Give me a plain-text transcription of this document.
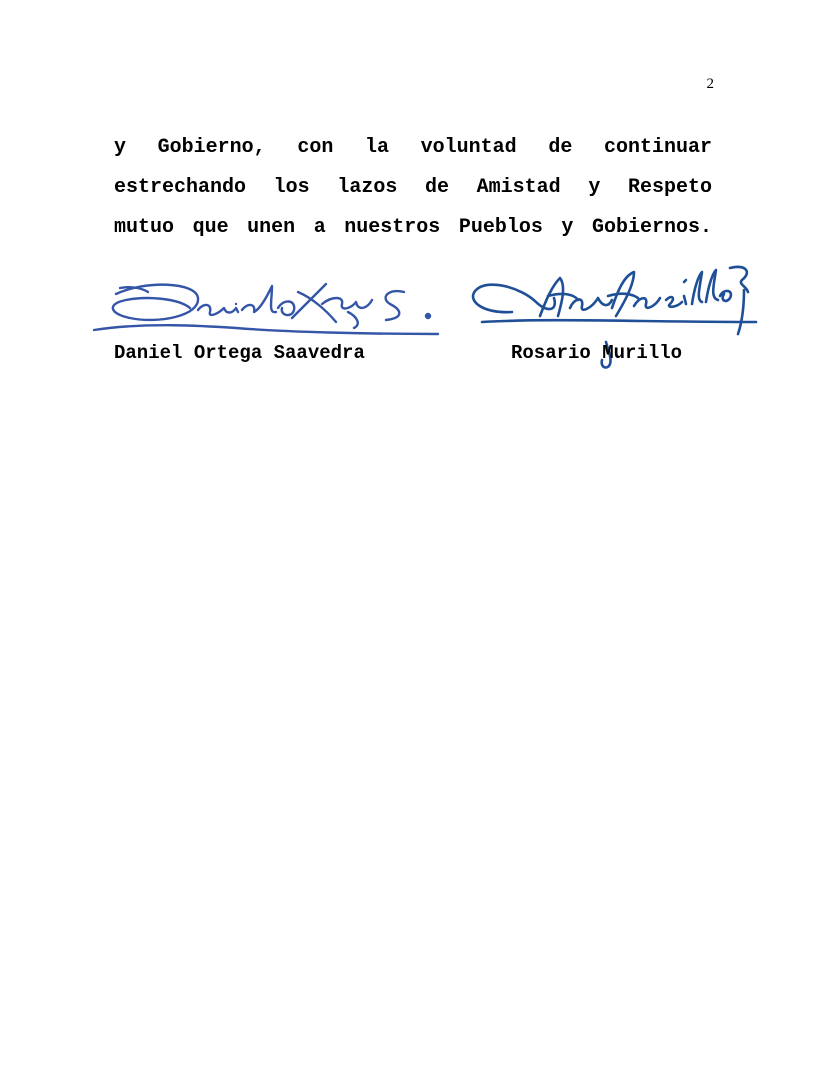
2

y Gobierno, con la voluntad de continuar
estrechando los lazos de Amistad y Respeto
mutuo que unen a nuestros Pueblos y Gobiernos.

Daniel Ortega Saavedra	Rosario Murillo
